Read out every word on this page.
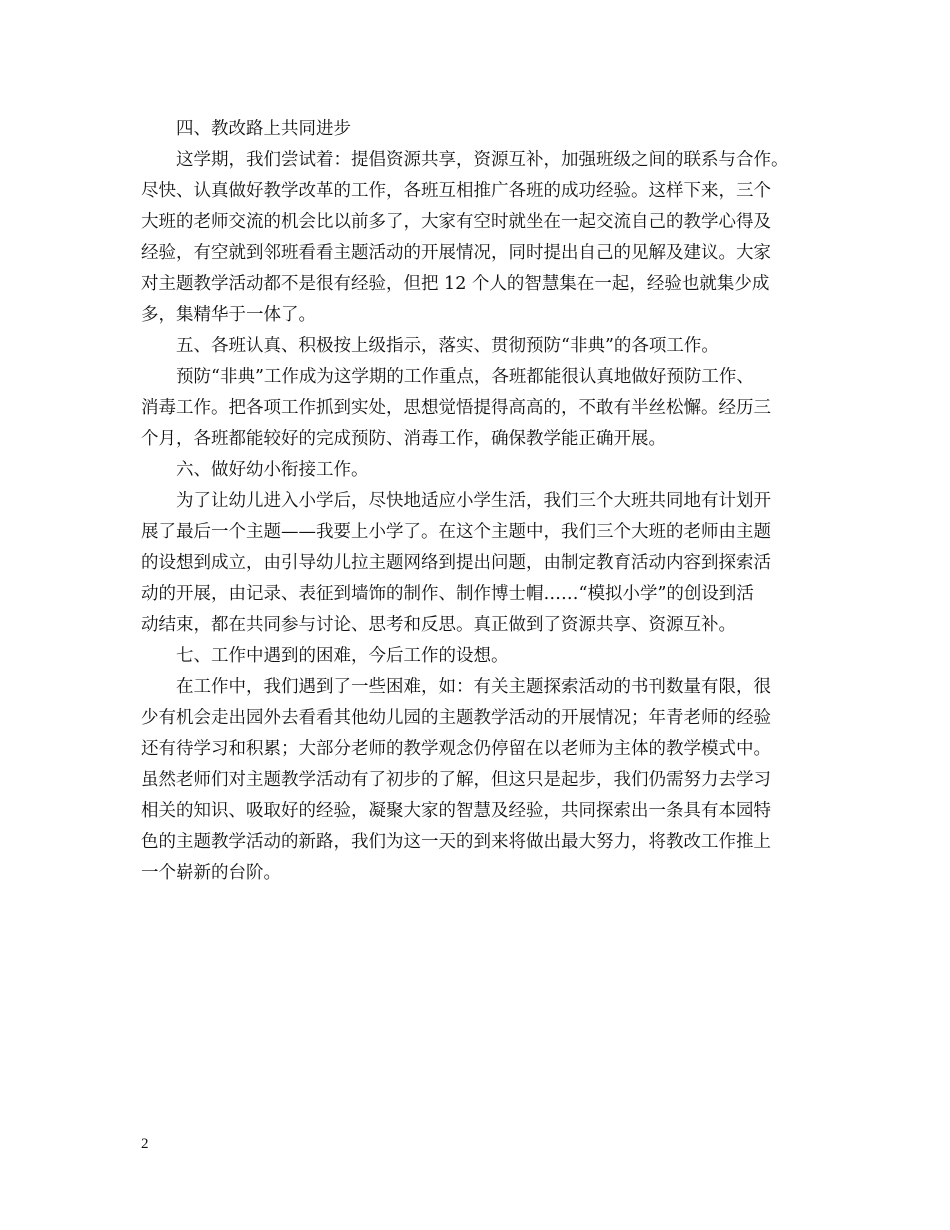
四、教改路上共同进步
这学期，我们尝试着：提倡资源共享，资源互补，加强班级之间的联系与合作。
尽快、认真做好教学改革的工作，各班互相推广各班的成功经验。这样下来，三个
大班的老师交流的机会比以前多了，大家有空时就坐在一起交流自己的教学心得及
经验，有空就到邻班看看主题活动的开展情况，同时提出自己的见解及建议。大家
对主题教学活动都不是很有经验，但把 12 个人的智慧集在一起，经验也就集少成
多，集精华于一体了。
五、各班认真、积极按上级指示，落实、贯彻预防“非典”的各项工作。
预防“非典”工作成为这学期的工作重点，各班都能很认真地做好预防工作、
消毒工作。把各项工作抓到实处，思想觉悟提得高高的，不敢有半丝松懈。经历三
个月，各班都能较好的完成预防、消毒工作，确保教学能正确开展。
六、做好幼小衔接工作。
为了让幼儿进入小学后，尽快地适应小学生活，我们三个大班共同地有计划开
展了最后一个主题——我要上小学了。在这个主题中，我们三个大班的老师由主题
的设想到成立，由引导幼儿拉主题网络到提出问题，由制定教育活动内容到探索活
动的开展，由记录、表征到墙饰的制作、制作博士帽……“模拟小学”的创设到活
动结束，都在共同参与讨论、思考和反思。真正做到了资源共享、资源互补。
七、工作中遇到的困难，今后工作的设想。
在工作中，我们遇到了一些困难，如：有关主题探索活动的书刊数量有限，很
少有机会走出园外去看看其他幼儿园的主题教学活动的开展情况；年青老师的经验
还有待学习和积累；大部分老师的教学观念仍停留在以老师为主体的教学模式中。
虽然老师们对主题教学活动有了初步的了解，但这只是起步，我们仍需努力去学习
相关的知识、吸取好的经验，凝聚大家的智慧及经验，共同探索出一条具有本园特
色的主题教学活动的新路，我们为这一天的到来将做出最大努力，将教改工作推上
一个崭新的台阶。
2
